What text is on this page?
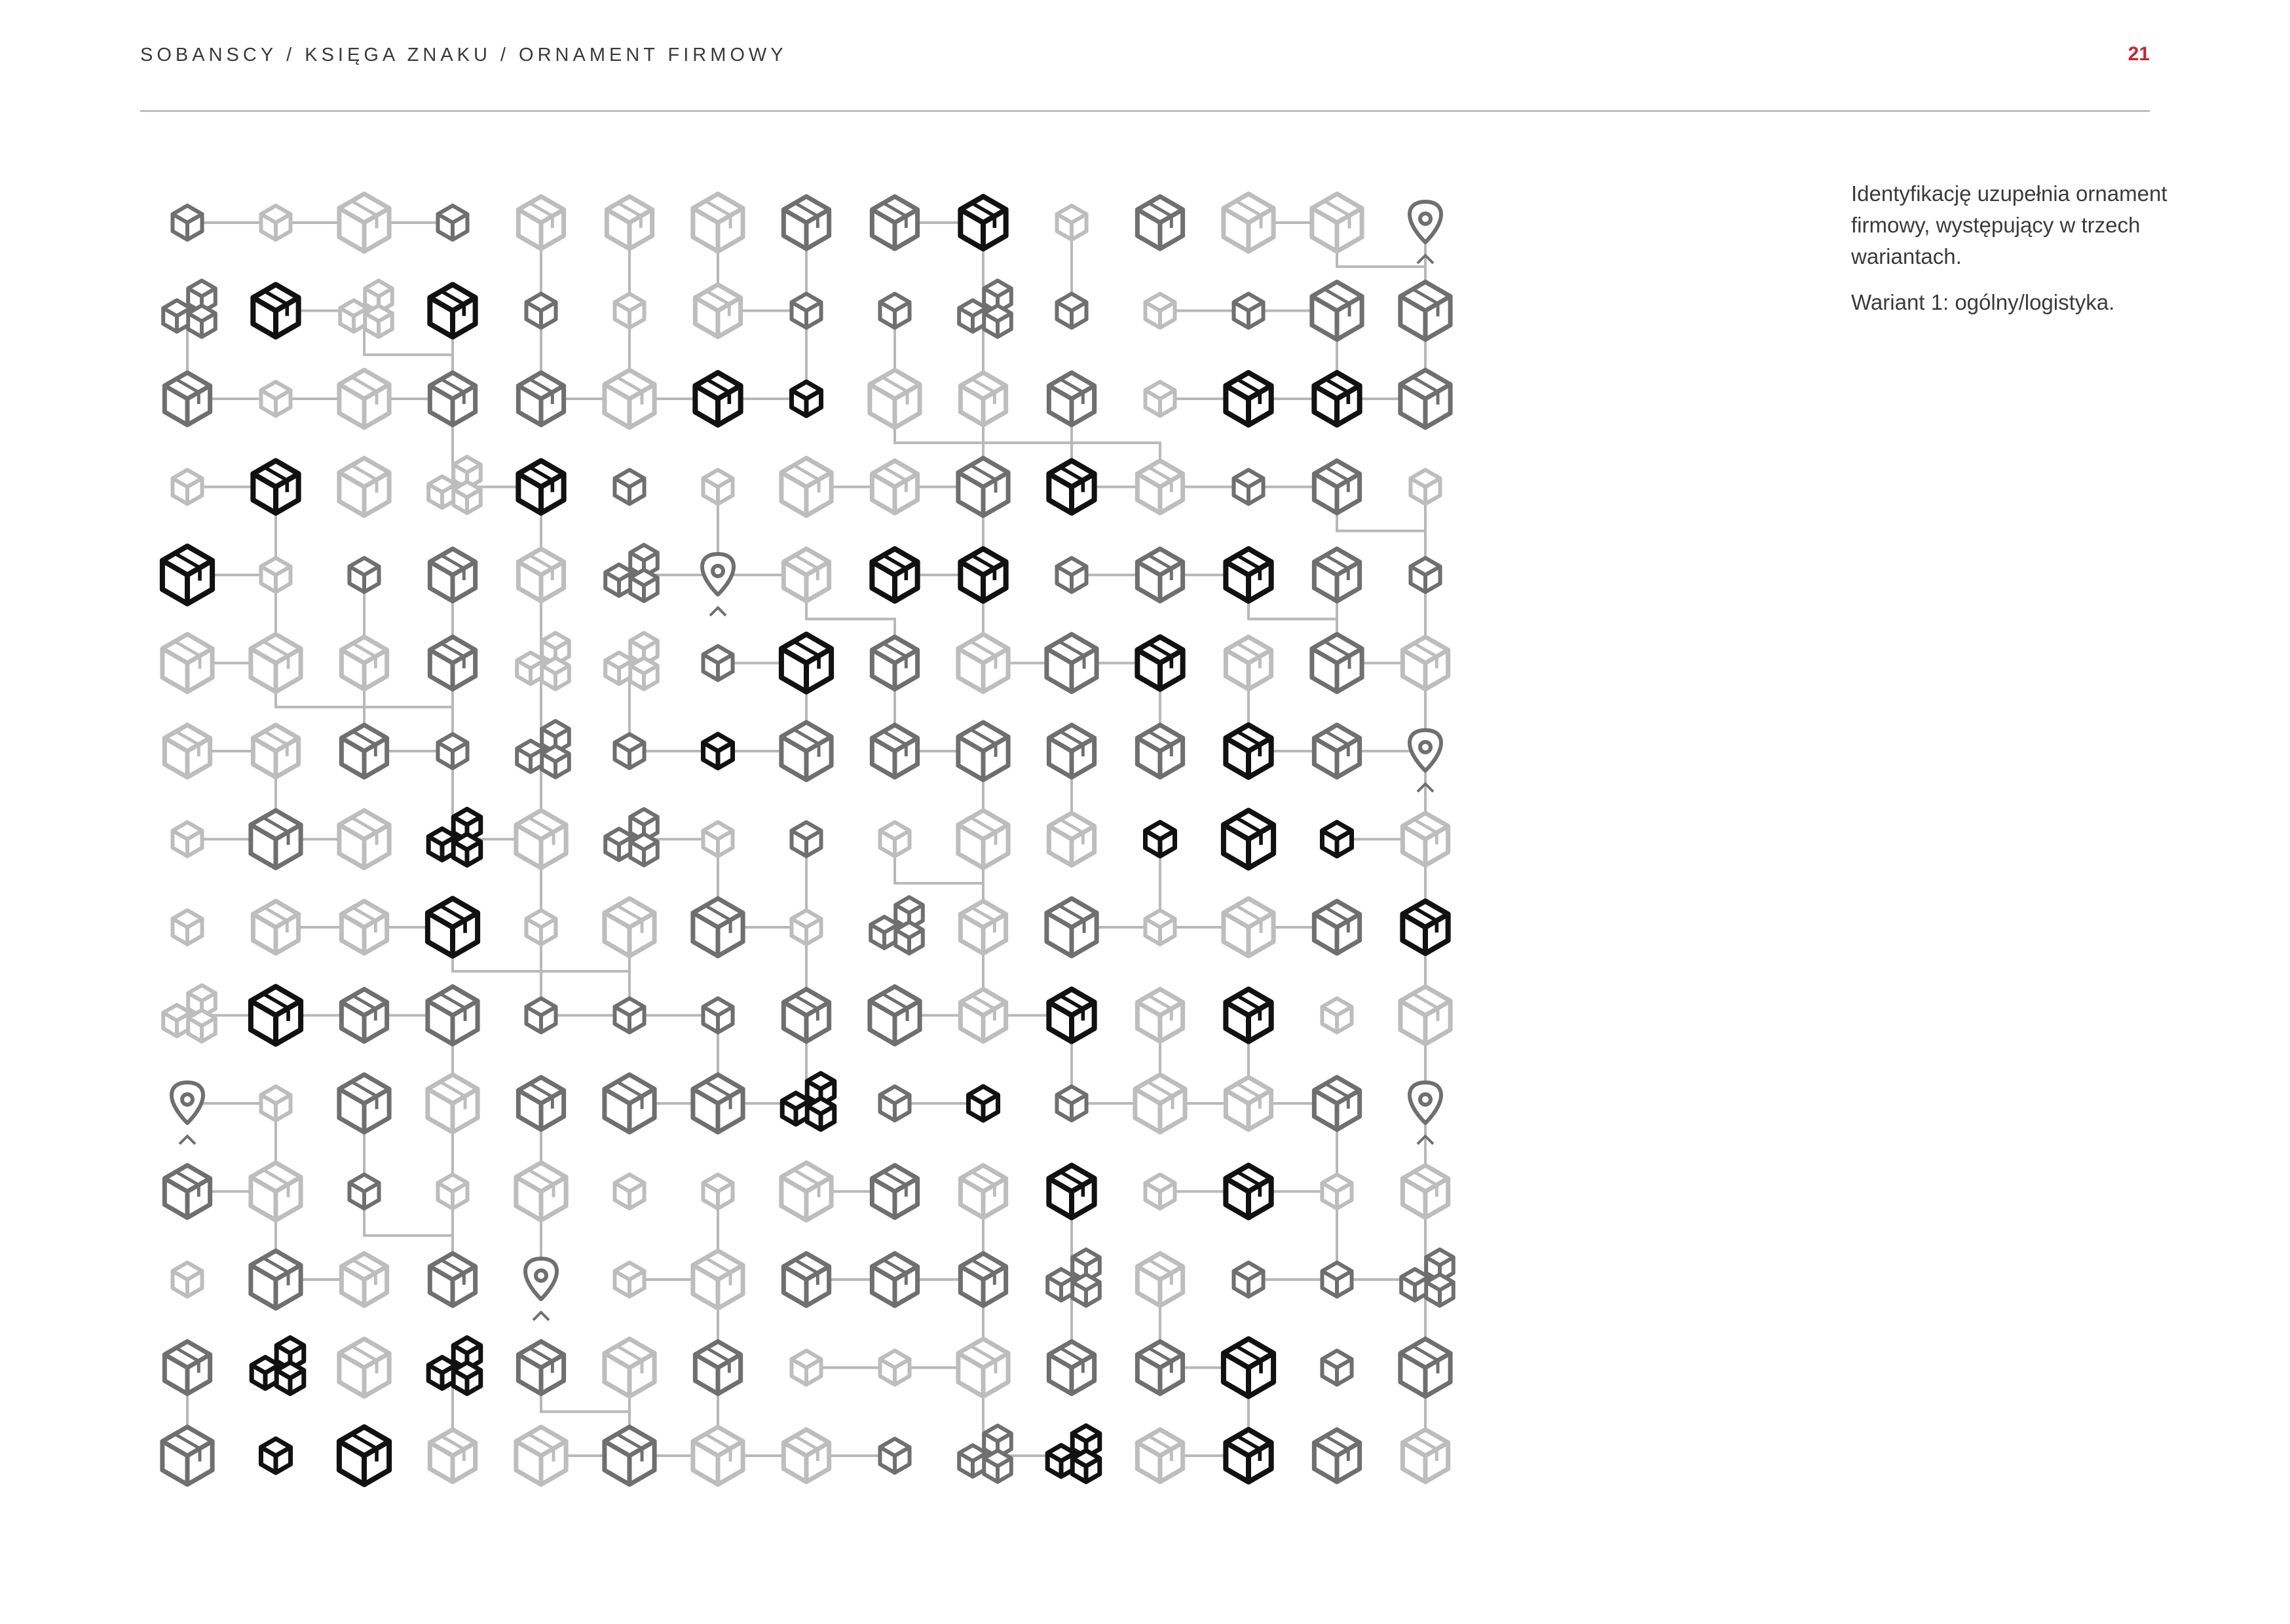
SOBANSCY / KSIĘGA ZNAKU / ORNAMENT FIRMOWY	21

Identyfikację uzupełnia ornament firmowy, występujący w trzech wariantach.

Wariant 1: ogólny/logistyka.
